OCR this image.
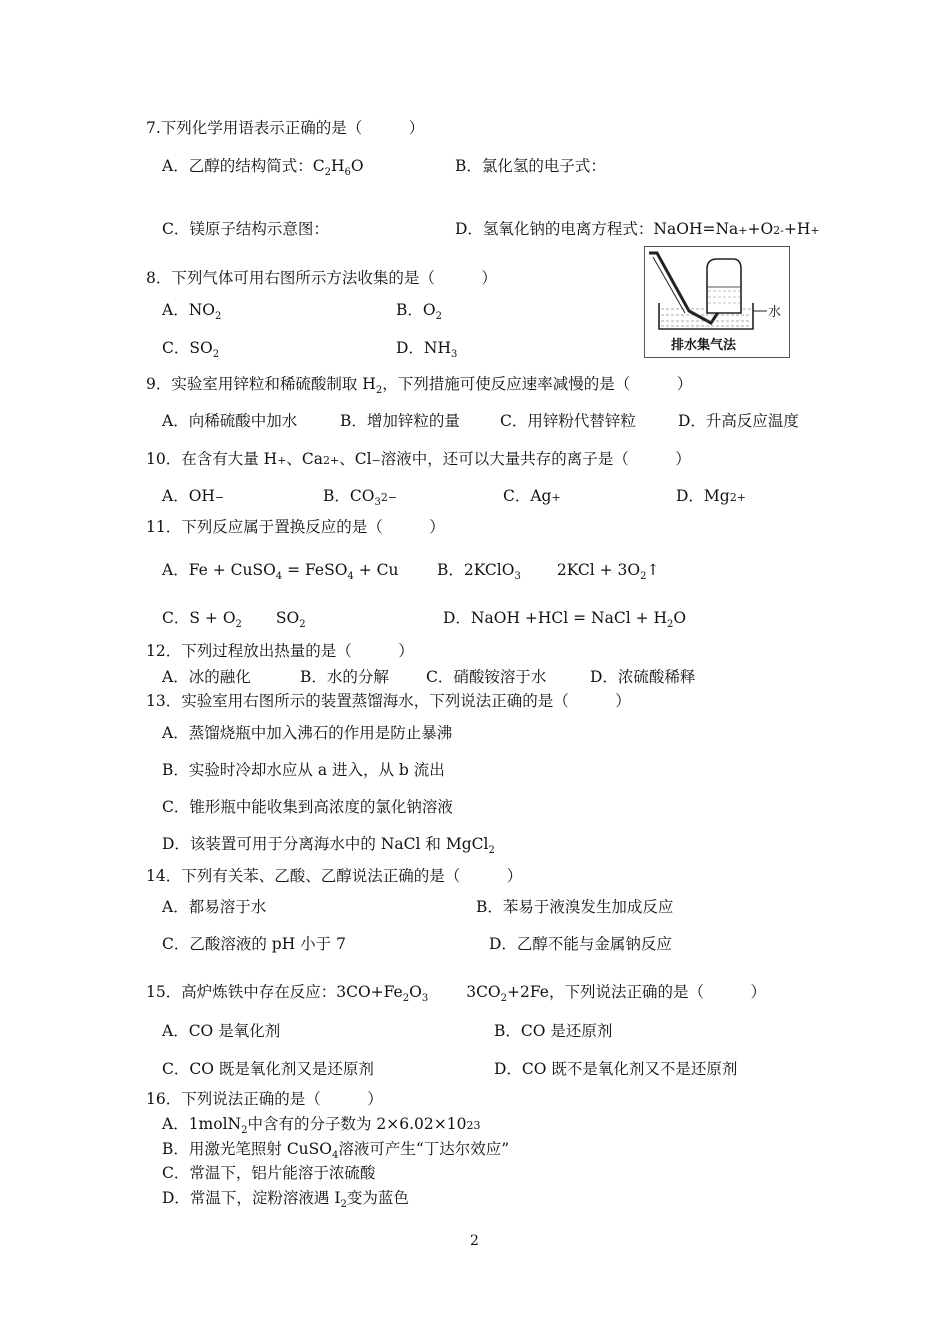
7.下列化学用语表示正确的是（　　　）
A．乙醇的结构简式：$C_2H_6O$	B．氯化氢的电子式：
C．镁原子结构示意图：	D．氢氧化钠的电离方程式：NaOH=Na++O2-+H+
8．下列气体可用右图所示方法收集的是（　　　）
A．$NO_2$	B．$O_2$
C．$SO_2$	D．$NH_3$
水
排水集气法
9．实验室用锌粒和稀硫酸制取 $H_2$，下列措施可使反应速率减慢的是（　　　）
A．向稀硫酸中加水	B．增加锌粒的量	C．用锌粉代替锌粒	D．升高反应温度
10．在含有大量 H+、Ca2+、Cl−溶液中，还可以大量共存的离子是（　　　）
A．OH−	B．$CO_32-$	C．Ag+	D．Mg2+
11．下列反应属于置换反应的是（　　　）
A．Fe + CuSO$_4$ = FeSO$_4$ + Cu B．2KClO$_3$ $2KCl + 3O_2↑$
C．$S + O_2$ $SO_2$	D．NaOH +HCl = NaCl + $H_2O$
12．下列过程放出热量的是（　　　）
A．冰的融化	B．水的分解 C．硝酸铵溶于水	D．浓硫酸稀释
13．实验室用右图所示的装置蒸馏海水，下列说法正确的是（　　　）
A．蒸馏烧瓶中加入沸石的作用是防止暴沸
B．实验时冷却水应从 a 进入，从 b 流出
C．锥形瓶中能收集到高浓度的氯化钠溶液
D．该装置可用于分离海水中的 NaCl 和 MgCl$_2$
14．下列有关苯、乙酸、乙醇说法正确的是（　　　）
A．都易溶于水	B．苯易于液溴发生加成反应
C．乙酸溶液的 pH 小于 7	D．乙醇不能与金属钠反应
15．高炉炼铁中存在反应：$3CO+Fe_2O_3$ $3CO_2+2Fe$，下列说法正确的是（　　　）
A．CO 是氧化剂	B．CO 是还原剂
C．CO 既是氧化剂又是还原剂	D．CO 既不是氧化剂又不是还原剂
16．下列说法正确的是（　　　）
A．1molN$_2$中含有的分子数为 2×6.02×1023
B．用激光笔照射 CuSO$_4$溶液可产生“丁达尔效应”
C．常温下，铝片能溶于浓硫酸
D．常温下，淀粉溶液遇 $I_2$变为蓝色
2
